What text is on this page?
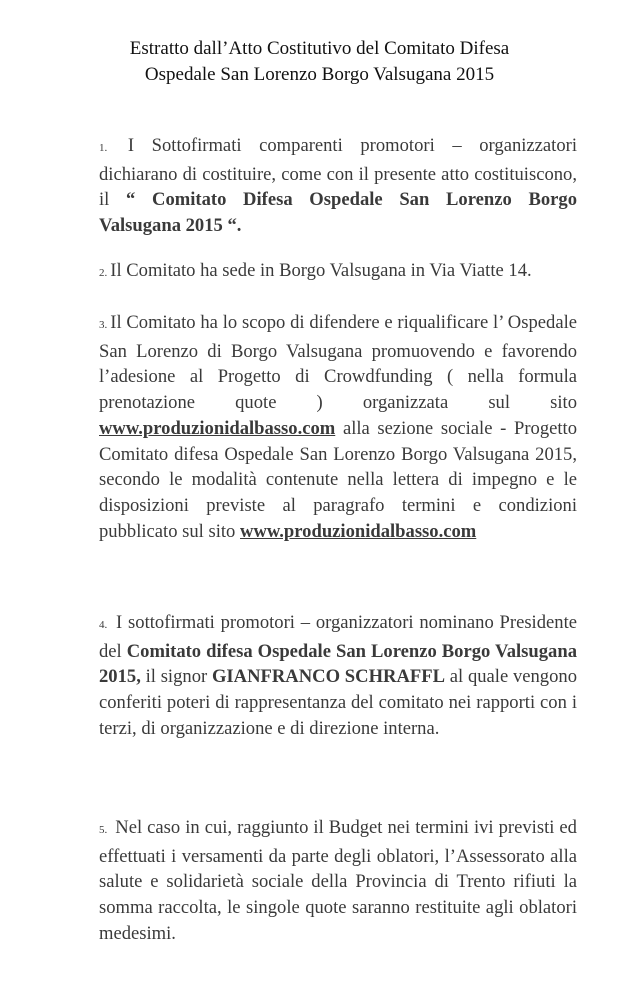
Estratto dall’Atto Costitutivo del Comitato Difesa
Ospedale San Lorenzo Borgo Valsugana 2015

1. I Sottofirmati comparenti promotori – organizzatori dichiarano di costituire, come con il presente atto costituiscono, il “ Comitato Difesa Ospedale San Lorenzo Borgo Valsugana 2015 “.

2. Il Comitato ha sede in Borgo Valsugana in Via Viatte 14.

3. Il Comitato ha lo scopo di difendere e riqualificare l’ Ospedale San Lorenzo di Borgo Valsugana promuovendo e favorendo l’adesione al Progetto di Crowdfunding ( nella formula prenotazione quote ) organizzata sul sito www.produzionidalbasso.com alla sezione sociale - Progetto Comitato difesa Ospedale San Lorenzo Borgo Valsugana 2015, secondo le modalità contenute nella lettera di impegno e le disposizioni previste al paragrafo termini e condizioni pubblicato sul sito www.produzionidalbasso.com

4. I sottofirmati promotori – organizzatori nominano Presidente del Comitato difesa Ospedale San Lorenzo Borgo Valsugana 2015, il signor GIANFRANCO SCHRAFFL al quale vengono conferiti poteri di rappresentanza del comitato nei rapporti con i terzi, di organizzazione e di direzione interna.

5. Nel caso in cui, raggiunto il Budget nei termini ivi previsti ed effettuati i versamenti da parte degli oblatori, l’Assessorato alla salute e solidarietà sociale della Provincia di Trento rifiuti la somma raccolta, le singole quote saranno restituite agli oblatori medesimi.
